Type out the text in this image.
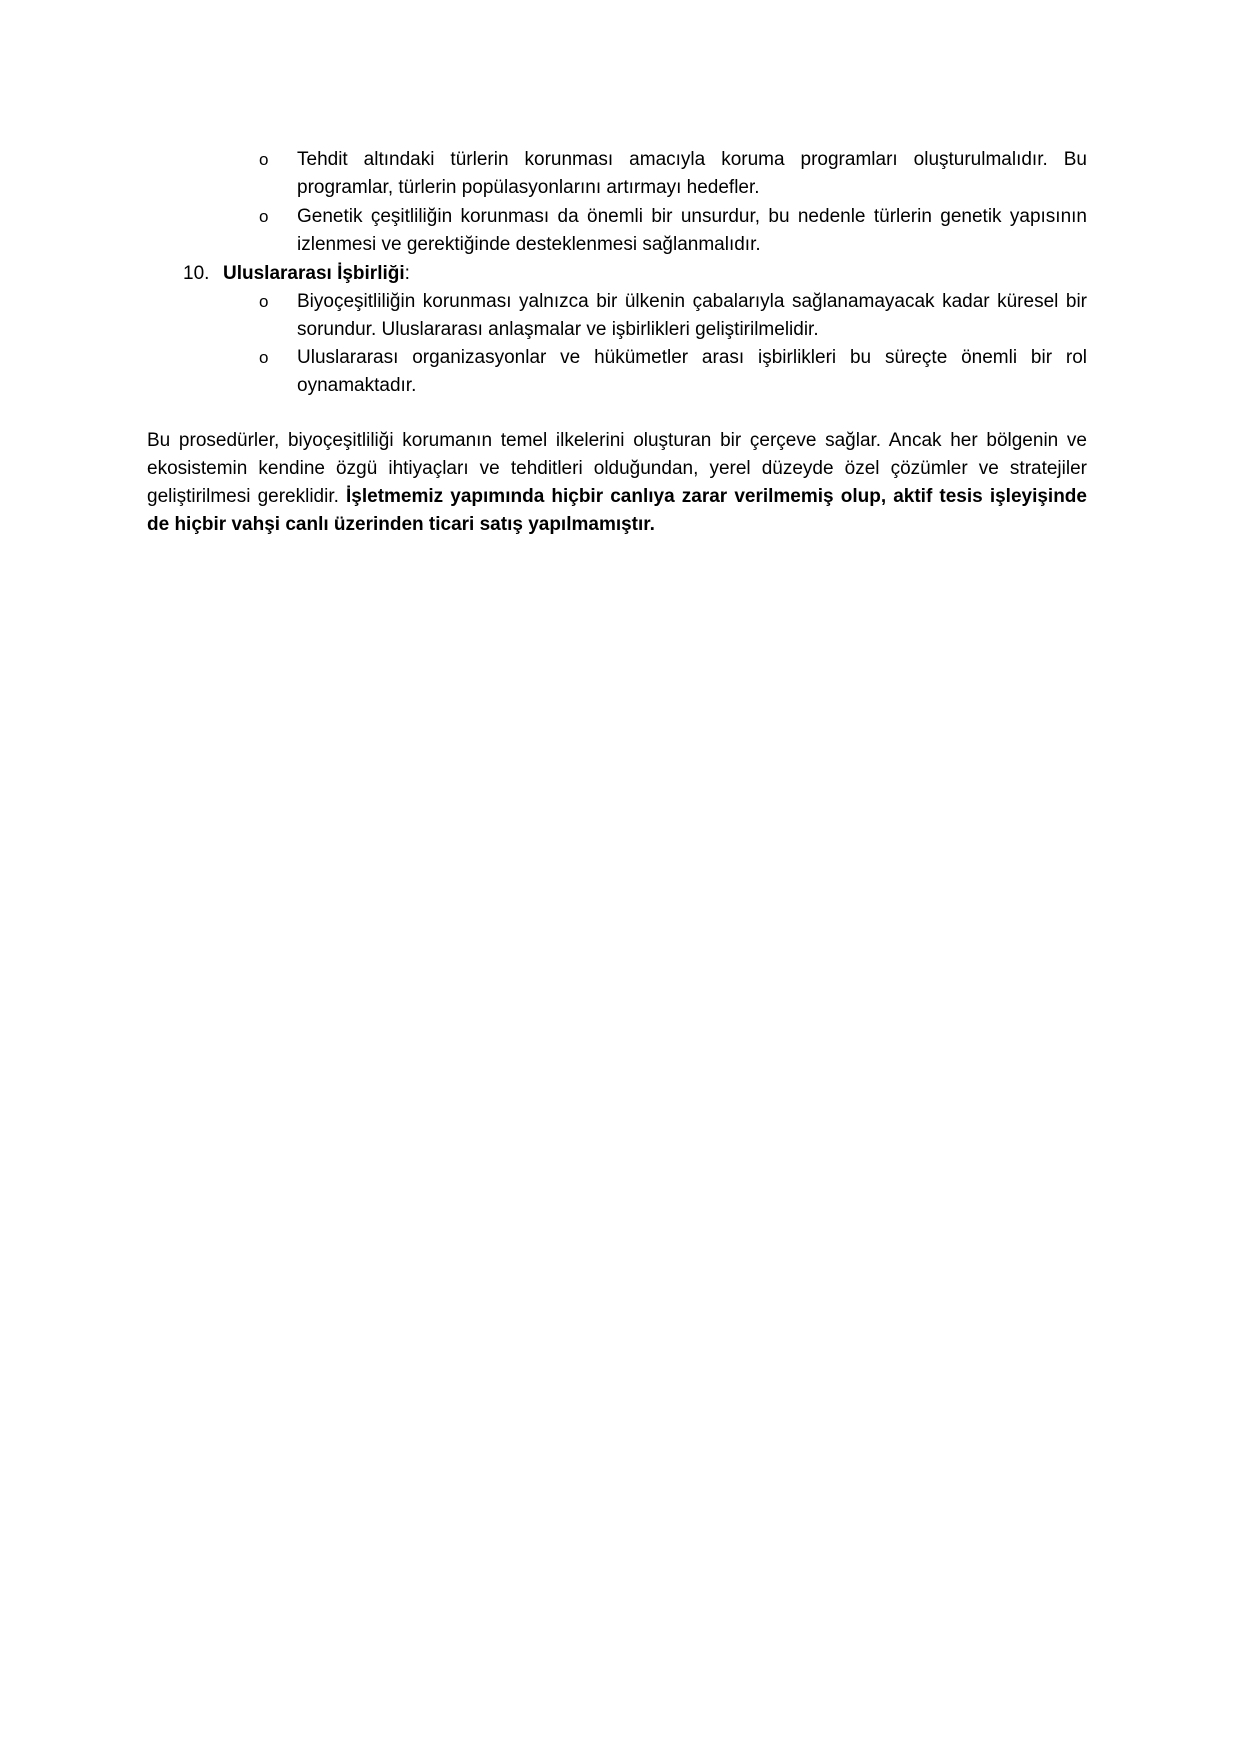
o	Tehdit altındaki türlerin korunması amacıyla koruma programları oluşturulmalıdır. Bu programlar, türlerin popülasyonlarını artırmayı hedefler.
o	Genetik çeşitliliğin korunması da önemli bir unsurdur, bu nedenle türlerin genetik yapısının izlenmesi ve gerektiğinde desteklenmesi sağlanmalıdır.
10. Uluslararası İşbirliği:
o	Biyoçeşitliliğin korunması yalnızca bir ülkenin çabalarıyla sağlanamayacak kadar küresel bir sorundur. Uluslararası anlaşmalar ve işbirlikleri geliştirilmelidir.
o	Uluslararası organizasyonlar ve hükümetler arası işbirlikleri bu süreçte önemli bir rol oynamaktadır.
Bu prosedürler, biyoçeşitliliği korumanın temel ilkelerini oluşturan bir çerçeve sağlar. Ancak her bölgenin ve ekosistemin kendine özgü ihtiyaçları ve tehditleri olduğundan, yerel düzeyde özel çözümler ve stratejiler geliştirilmesi gereklidir. İşletmemiz yapımında hiçbir canlıya zarar verilmemiş olup, aktif tesis işleyişinde de hiçbir vahşi canlı üzerinden ticari satış yapılmamıştır.
